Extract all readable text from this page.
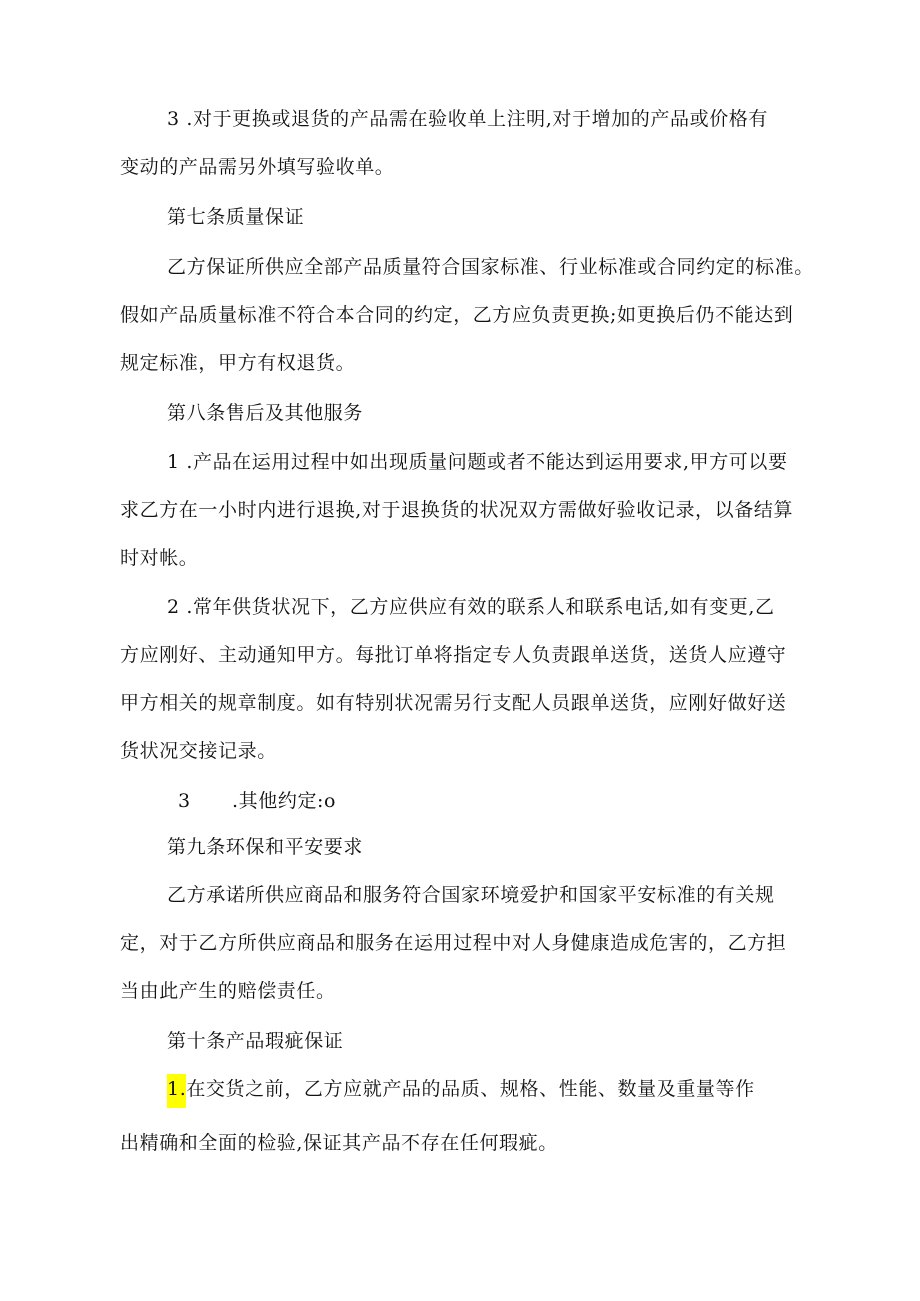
3 .对于更换或退货的产品需在验收单上注明,对于增加的产品或价格有
变动的产品需另外填写验收单。
第七条质量保证
乙方保证所供应全部产品质量符合国家标准、行业标准或合同约定的标准。
假如产品质量标准不符合本合同的约定，乙方应负责更换;如更换后仍不能达到
规定标准，甲方有权退货。
第八条售后及其他服务
1 .产品在运用过程中如出现质量问题或者不能达到运用要求,甲方可以要
求乙方在一小时内进行退换,对于退换货的状况双方需做好验收记录，以备结算
时对帐。
2 .常年供货状况下，乙方应供应有效的联系人和联系电话,如有变更,乙
方应刚好、主动通知甲方。每批订单将指定专人负责跟单送货，送货人应遵守
甲方相关的规章制度。如有特别状况需另行支配人员跟单送货，应刚好做好送
货状况交接记录。
3 .其他约定:o
第九条环保和平安要求
乙方承诺所供应商品和服务符合国家环境爱护和国家平安标准的有关规
定，对于乙方所供应商品和服务在运用过程中对人身健康造成危害的，乙方担
当由此产生的赔偿责任。
第十条产品瑕疵保证
1.在交货之前，乙方应就产品的品质、规格、性能、数量及重量等作
出精确和全面的检验,保证其产品不存在任何瑕疵。
